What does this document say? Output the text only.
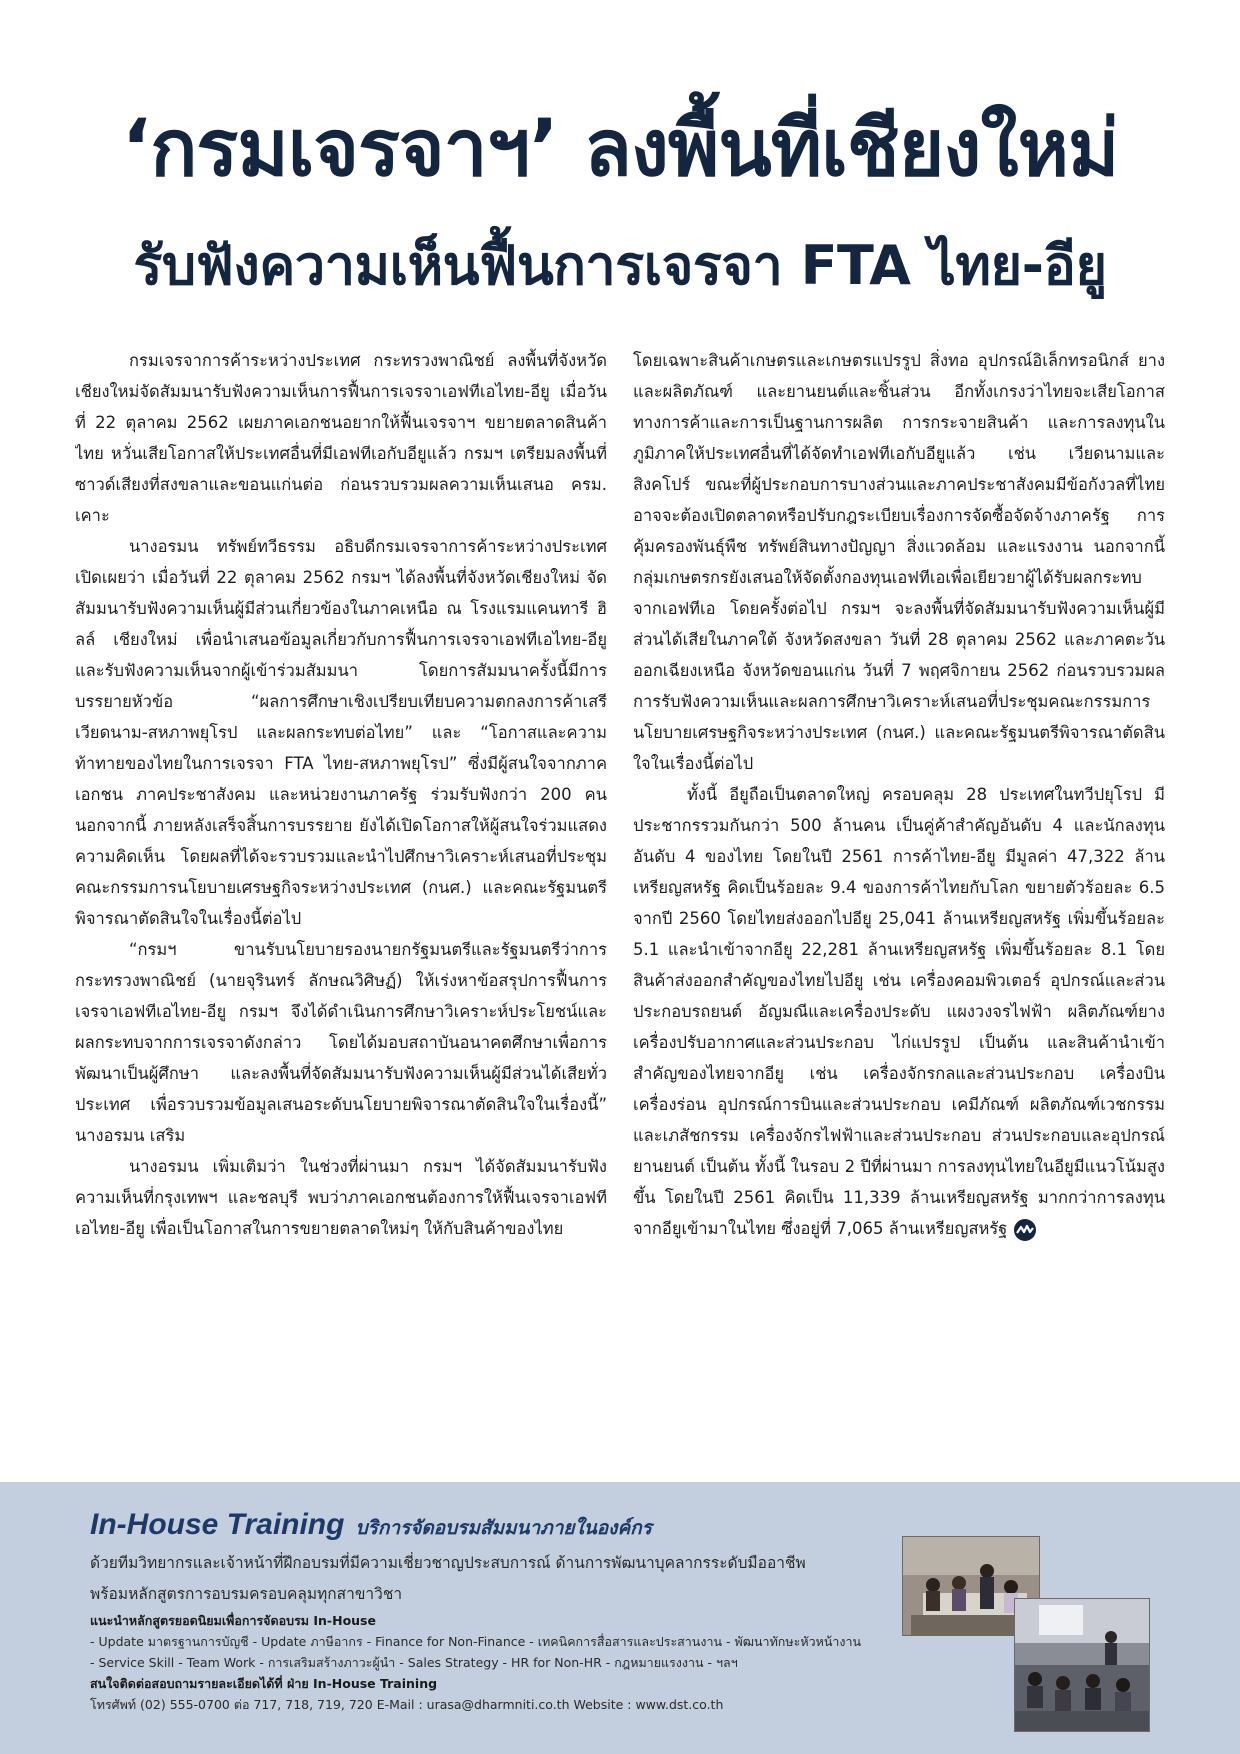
‘กรมเจรจาฯ’ ลงพื้นที่เชียงใหม่
รับฟังความเห็นฟื้นการเจรจา FTA ไทย-อียู

กรมเจรจาการค้าระหว่างประเทศ กระทรวงพาณิชย์ ลงพื้นที่จังหวัดเชียงใหม่จัดสัมมนารับฟังความเห็นการฟื้นการเจรจาเอฟทีเอไทย-อียู เมื่อวันที่ 22 ตุลาคม 2562 เผยภาคเอกชนอยากให้ฟื้นเจรจาฯ ขยายตลาดสินค้าไทย หวั่นเสียโอกาสให้ประเทศอื่นที่มีเอฟทีเอกับอียูแล้ว กรมฯ เตรียมลงพื้นที่ซาวด์เสียงที่สงขลาและขอนแก่นต่อ ก่อนรวบรวมผลความเห็นเสนอ ครม. เคาะ

นางอรมน ทรัพย์ทวีธรรม อธิบดีกรมเจรจาการค้าระหว่างประเทศ เปิดเผยว่า เมื่อวันที่ 22 ตุลาคม 2562 กรมฯ ได้ลงพื้นที่จังหวัดเชียงใหม่ จัดสัมมนารับฟังความเห็นผู้มีส่วนเกี่ยวข้องในภาคเหนือ ณ โรงแรมแคนทารี ฮิลล์ เชียงใหม่ เพื่อนำเสนอข้อมูลเกี่ยวกับการฟื้นการเจรจาเอฟทีเอไทย-อียู และรับฟังความเห็นจากผู้เข้าร่วมสัมมนา โดยการสัมมนาครั้งนี้มีการบรรยายหัวข้อ “ผลการศึกษาเชิงเปรียบเทียบความตกลงการค้าเสรีเวียดนาม-สหภาพยุโรป และผลกระทบต่อไทย” และ “โอกาสและความท้าทายของไทยในการเจรจา FTA ไทย-สหภาพยุโรป” ซึ่งมีผู้สนใจจากภาคเอกชน ภาคประชาสังคม และหน่วยงานภาครัฐ ร่วมรับฟังกว่า 200 คน นอกจากนี้ ภายหลังเสร็จสิ้นการบรรยาย ยังได้เปิดโอกาสให้ผู้สนใจร่วมแสดงความคิดเห็น โดยผลที่ได้จะรวบรวมและนำไปศึกษาวิเคราะห์เสนอที่ประชุมคณะกรรมการนโยบายเศรษฐกิจระหว่างประเทศ (กนศ.) และคณะรัฐมนตรีพิจารณาตัดสินใจในเรื่องนี้ต่อไป

“กรมฯ ขานรับนโยบายรองนายกรัฐมนตรีและรัฐมนตรีว่าการกระทรวงพาณิชย์ (นายจุรินทร์ ลักษณวิศิษฏ์) ให้เร่งหาข้อสรุปการฟื้นการเจรจาเอฟทีเอไทย-อียู กรมฯ จึงได้ดำเนินการศึกษาวิเคราะห์ประโยชน์และผลกระทบจากการเจรจาดังกล่าว โดยได้มอบสถาบันอนาคตศึกษาเพื่อการพัฒนาเป็นผู้ศึกษา และลงพื้นที่จัดสัมมนารับฟังความเห็นผู้มีส่วนได้เสียทั่วประเทศ เพื่อรวบรวมข้อมูลเสนอระดับนโยบายพิจารณาตัดสินใจในเรื่องนี้” นางอรมน เสริม

นางอรมน เพิ่มเติมว่า ในช่วงที่ผ่านมา กรมฯ ได้จัดสัมมนารับฟังความเห็นที่กรุงเทพฯ และชลบุรี พบว่าภาคเอกชนต้องการให้ฟื้นเจรจาเอฟทีเอไทย-อียู เพื่อเป็นโอกาสในการขยายตลาดใหม่ๆ ให้กับสินค้าของไทย

โดยเฉพาะสินค้าเกษตรและเกษตรแปรรูป สิ่งทอ อุปกรณ์อิเล็กทรอนิกส์ ยางและผลิตภัณฑ์ และยานยนต์และชิ้นส่วน อีกทั้งเกรงว่าไทยจะเสียโอกาสทางการค้าและการเป็นฐานการผลิต การกระจายสินค้า และการลงทุนในภูมิภาคให้ประเทศอื่นที่ได้จัดทำเอฟทีเอกับอียูแล้ว เช่น เวียดนามและสิงคโปร์ ขณะที่ผู้ประกอบการบางส่วนและภาคประชาสังคมมีข้อกังวลที่ไทยอาจจะต้องเปิดตลาดหรือปรับกฎระเบียบเรื่องการจัดซื้อจัดจ้างภาครัฐ การคุ้มครองพันธุ์พืช ทรัพย์สินทางปัญญา สิ่งแวดล้อม และแรงงาน นอกจากนี้ กลุ่มเกษตรกรยังเสนอให้จัดตั้งกองทุนเอฟทีเอเพื่อเยียวยาผู้ได้รับผลกระทบจากเอฟทีเอ โดยครั้งต่อไป กรมฯ จะลงพื้นที่จัดสัมมนารับฟังความเห็นผู้มีส่วนได้เสียในภาคใต้ จังหวัดสงขลา วันที่ 28 ตุลาคม 2562 และภาคตะวันออกเฉียงเหนือ จังหวัดขอนแก่น วันที่ 7 พฤศจิกายน 2562 ก่อนรวบรวมผลการรับฟังความเห็นและผลการศึกษาวิเคราะห์เสนอที่ประชุมคณะกรรมการนโยบายเศรษฐกิจระหว่างประเทศ (กนศ.) และคณะรัฐมนตรีพิจารณาตัดสินใจในเรื่องนี้ต่อไป

ทั้งนี้ อียูถือเป็นตลาดใหญ่ ครอบคลุม 28 ประเทศในทวีปยุโรป มีประชากรรวมกันกว่า 500 ล้านคน เป็นคู่ค้าสำคัญอันดับ 4 และนักลงทุนอันดับ 4 ของไทย โดยในปี 2561 การค้าไทย-อียู มีมูลค่า 47,322 ล้านเหรียญสหรัฐ คิดเป็นร้อยละ 9.4 ของการค้าไทยกับโลก ขยายตัวร้อยละ 6.5 จากปี 2560 โดยไทยส่งออกไปอียู 25,041 ล้านเหรียญสหรัฐ เพิ่มขึ้นร้อยละ 5.1 และนำเข้าจากอียู 22,281 ล้านเหรียญสหรัฐ เพิ่มขึ้นร้อยละ 8.1 โดยสินค้าส่งออกสำคัญของไทยไปอียู เช่น เครื่องคอมพิวเตอร์ อุปกรณ์และส่วนประกอบรถยนต์ อัญมณีและเครื่องประดับ แผงวงจรไฟฟ้า ผลิตภัณฑ์ยาง เครื่องปรับอากาศและส่วนประกอบ ไก่แปรรูป เป็นต้น และสินค้านำเข้าสำคัญของไทยจากอียู เช่น เครื่องจักรกลและส่วนประกอบ เครื่องบิน เครื่องร่อน อุปกรณ์การบินและส่วนประกอบ เคมีภัณฑ์ ผลิตภัณฑ์เวชกรรมและเภสัชกรรม เครื่องจักรไฟฟ้าและส่วนประกอบ ส่วนประกอบและอุปกรณ์ยานยนต์ เป็นต้น ทั้งนี้ ในรอบ 2 ปีที่ผ่านมา การลงทุนไทยในอียูมีแนวโน้มสูงขึ้น โดยในปี 2561 คิดเป็น 11,339 ล้านเหรียญสหรัฐ มากกว่าการลงทุนจากอียูเข้ามาในไทย ซึ่งอยู่ที่ 7,065 ล้านเหรียญสหรัฐ

In-House Training บริการจัดอบรมสัมมนาภายในองค์กร

ด้วยทีมวิทยากรและเจ้าหน้าที่ฝึกอบรมที่มีความเชี่ยวชาญประสบการณ์ ด้านการพัฒนาบุคลากรระดับมืออาชีพ

พร้อมหลักสูตรการอบรมครอบคลุมทุกสาขาวิชา

แนะนำหลักสูตรยอดนิยมเพื่อการจัดอบรม In-House

- Update มาตรฐานการบัญชี - Update ภาษีอากร - Finance for Non-Finance - เทคนิคการสื่อสารและประสานงาน - พัฒนาทักษะหัวหน้างาน

- Service Skill - Team Work - การเสริมสร้างภาวะผู้นำ - Sales Strategy - HR for Non-HR - กฎหมายแรงงาน - ฯลฯ

สนใจติดต่อสอบถามรายละเอียดได้ที่ ฝ่าย In-House Training

โทรศัพท์ (02) 555-0700 ต่อ 717, 718, 719, 720 E-Mail : urasa@dharmniti.co.th Website : www.dst.co.th
